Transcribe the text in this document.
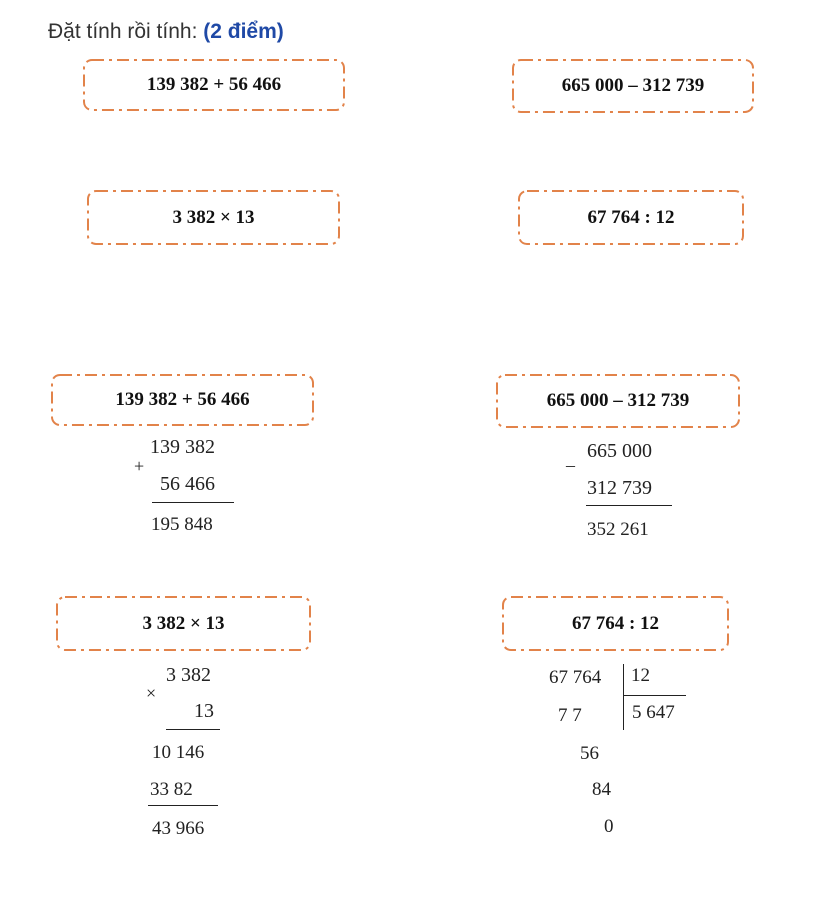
Đặt tính rồi tính: (2 điểm)
139 382 + 56 466	665 000 – 312 739
3 382 × 13	67 764 : 12
139 382 + 56 466	665 000 – 312 739
3 382 × 13	67 764 : 12
139 382
+
56 466
195 848
665 000
–
312 739
352 261
3 382
×
13
10 146
33 82
43 966
67 764 12
5 647
7 7
56
84
0
